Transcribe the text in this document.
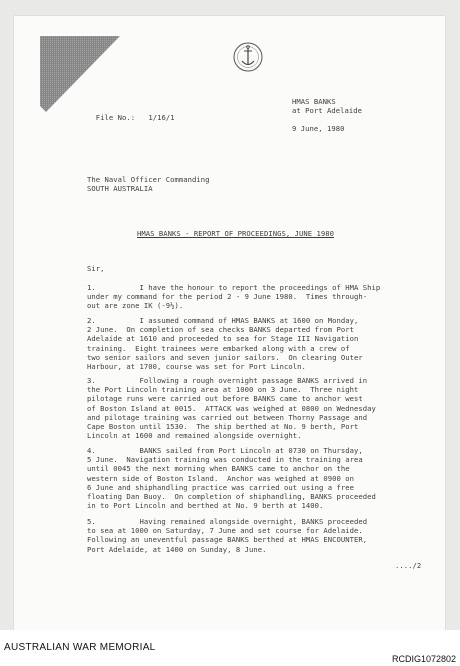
File No.: 1/16/1

HMAS BANKS
at Port Adelaide
9 June, 1980
The Naval Officer Commanding
SOUTH AUSTRALIA
HMAS BANKS - REPORT OF PROCEEDINGS, JUNE 1980
Sir,
1.          I have the honour to report the proceedings of HMA Ship
under my command for the period 2 - 9 June 1980.  Times through-
out are zone IK (-9½).
2.          I assumed command of HMAS BANKS at 1600 on Monday,
2 June.  On completion of sea checks BANKS departed from Port
Adelaide at 1610 and proceeded to sea for Stage III Navigation
training.  Eight trainees were embarked along with a crew of
two senior sailors and seven junior sailors.  On clearing Outer
Harbour, at 1700, course was set for Port Lincoln.
3.          Following a rough overnight passage BANKS arrived in
the Port Lincoln training area at 1000 on 3 June.  Three night
pilotage runs were carried out before BANKS came to anchor west
of Boston Island at 0015.  ATTACK was weighed at 0800 on Wednesday
and pilotage training was carried out between Thorny Passage and
Cape Boston until 1530.  The ship berthed at No. 9 berth, Port
Lincoln at 1600 and remained alongside overnight.
4.          BANKS sailed from Port Lincoln at 0730 on Thursday,
5 June.  Navigation training was conducted in the training area
until 0045 the next morning when BANKS came to anchor on the
western side of Boston Island.  Anchor was weighed at 0900 on
6 June and shiphandling practice was carried out using a free
floating Dan Buoy.  On completion of shiphandling, BANKS proceeded
in to Port Lincoln and berthed at No. 9 berth at 1400.
5.          Having remained alongside overnight, BANKS proceeded
to sea at 1000 on Saturday, 7 June and set course for Adelaide.
Following an uneventful passage BANKS berthed at HMAS ENCOUNTER,
Port Adelaide, at 1400 on Sunday, 8 June.
..../2
AUSTRALIAN WAR MEMORIAL
RCDIG1072802
